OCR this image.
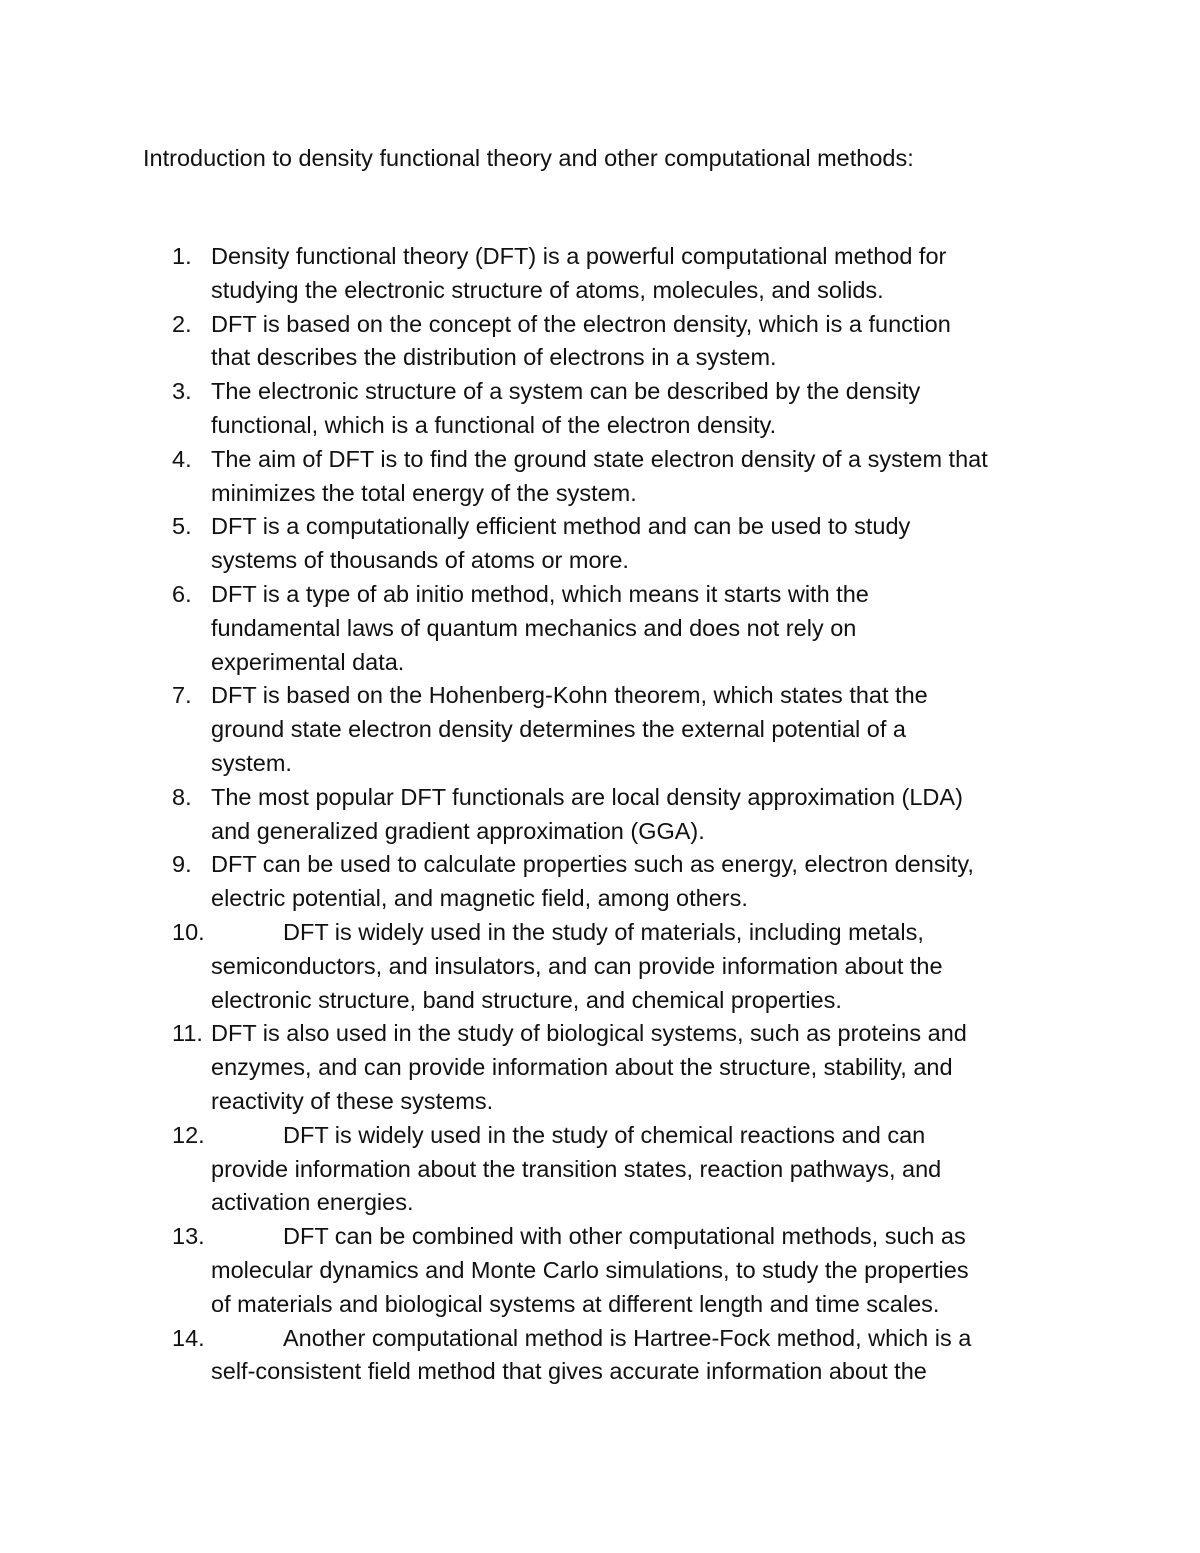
Introduction to density functional theory and other computational methods:
1. Density functional theory (DFT) is a powerful computational method for
studying the electronic structure of atoms, molecules, and solids.
2. DFT is based on the concept of the electron density, which is a function
that describes the distribution of electrons in a system.
3. The electronic structure of a system can be described by the density
functional, which is a functional of the electron density.
4. The aim of DFT is to find the ground state electron density of a system that
minimizes the total energy of the system.
5. DFT is a computationally efficient method and can be used to study
systems of thousands of atoms or more.
6. DFT is a type of ab initio method, which means it starts with the
fundamental laws of quantum mechanics and does not rely on
experimental data.
7. DFT is based on the Hohenberg-Kohn theorem, which states that the
ground state electron density determines the external potential of a
system.
8. The most popular DFT functionals are local density approximation (LDA)
and generalized gradient approximation (GGA).
9. DFT can be used to calculate properties such as energy, electron density,
electric potential, and magnetic field, among others.
10.	DFT is widely used in the study of materials, including metals,
semiconductors, and insulators, and can provide information about the
electronic structure, band structure, and chemical properties.
11. DFT is also used in the study of biological systems, such as proteins and
enzymes, and can provide information about the structure, stability, and
reactivity of these systems.
12.	DFT is widely used in the study of chemical reactions and can
provide information about the transition states, reaction pathways, and
activation energies.
13.	DFT can be combined with other computational methods, such as
molecular dynamics and Monte Carlo simulations, to study the properties
of materials and biological systems at different length and time scales.
14.	Another computational method is Hartree-Fock method, which is a
self-consistent field method that gives accurate information about the
